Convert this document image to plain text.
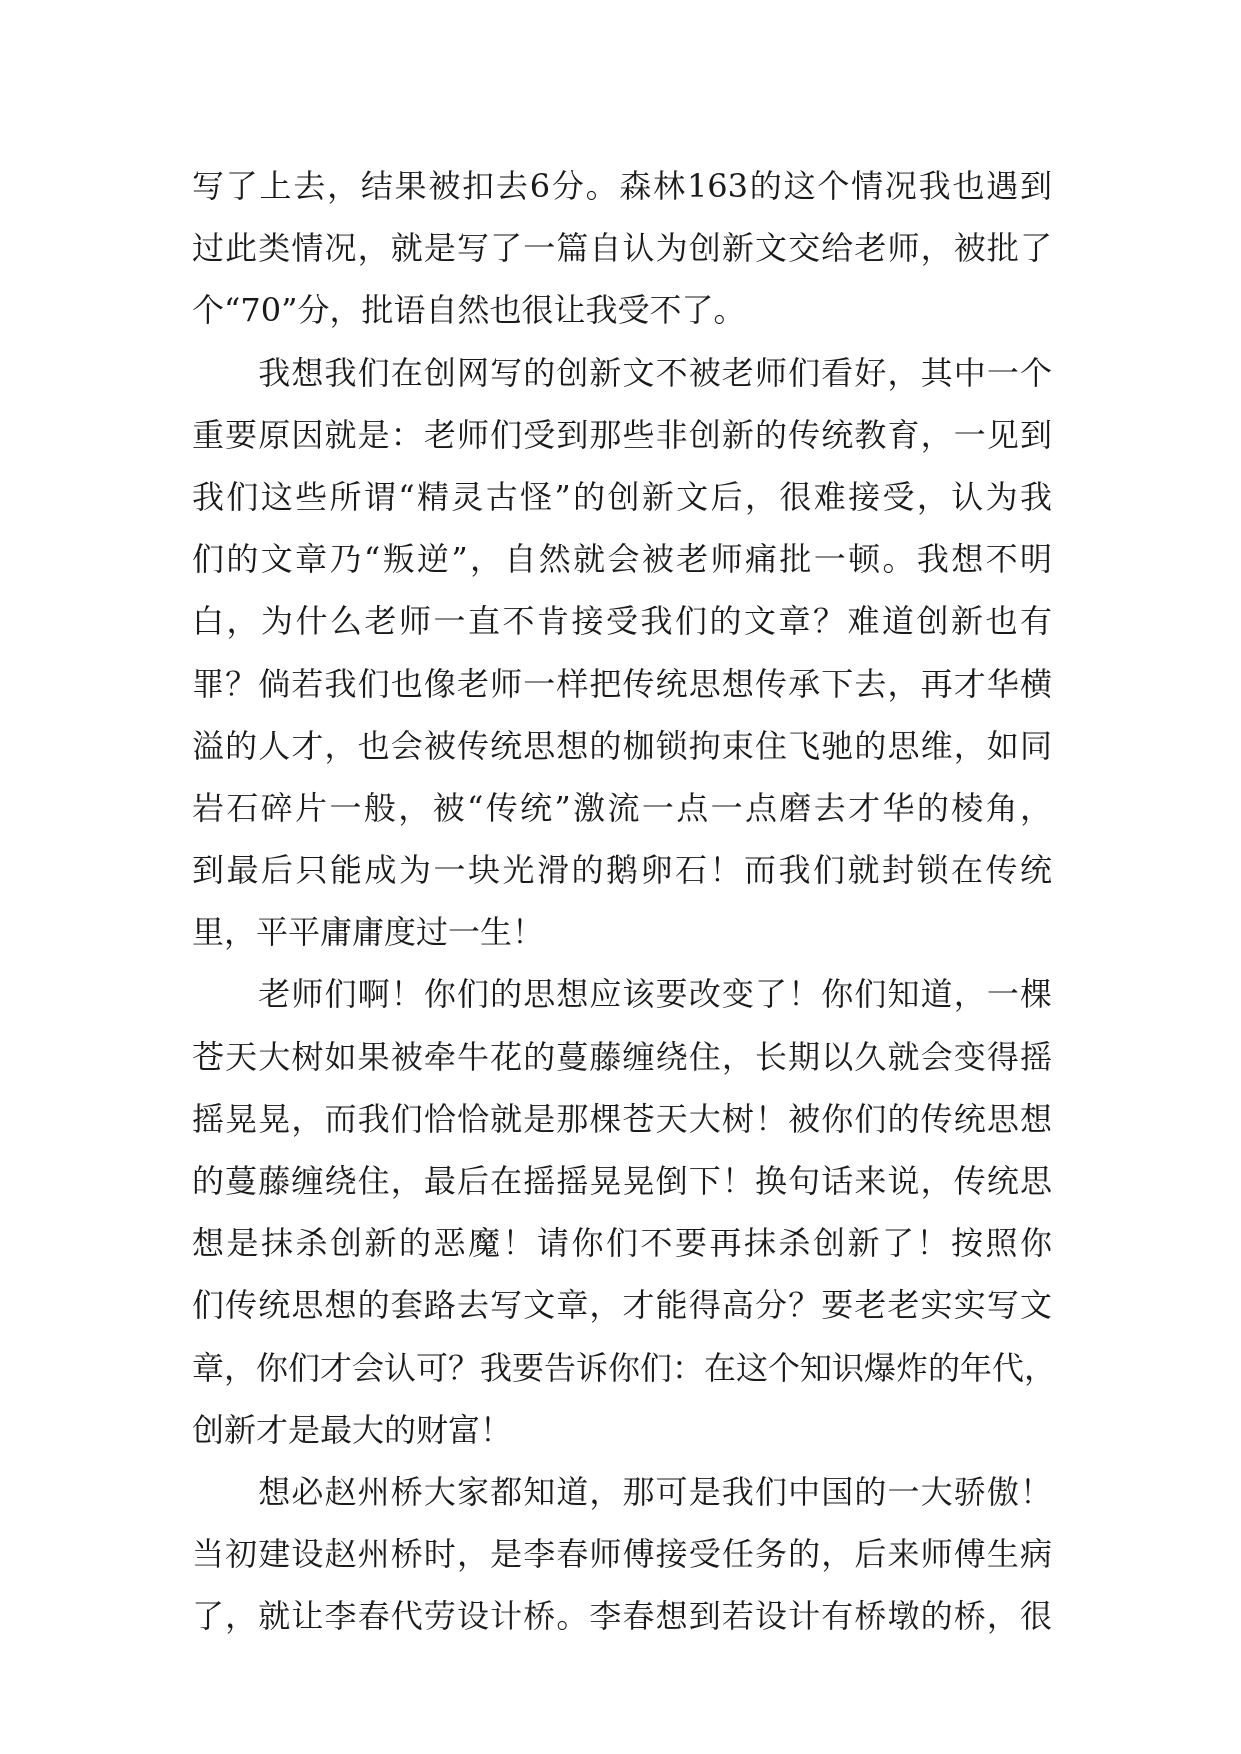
写了上去，结果被扣去6分。森林163的这个情况我也遇到
过此类情况，就是写了一篇自认为创新文交给老师，被批了
个“70”分，批语自然也很让我受不了。
　　我想我们在创网写的创新文不被老师们看好，其中一个
重要原因就是：老师们受到那些非创新的传统教育，一见到
我们这些所谓“精灵古怪”的创新文后，很难接受，认为我
们的文章乃“叛逆”，自然就会被老师痛批一顿。我想不明
白，为什么老师一直不肯接受我们的文章？难道创新也有
罪？倘若我们也像老师一样把传统思想传承下去，再才华横
溢的人才，也会被传统思想的枷锁拘束住飞驰的思维，如同
岩石碎片一般，被“传统”激流一点一点磨去才华的棱角，
到最后只能成为一块光滑的鹅卵石！而我们就封锁在传统
里，平平庸庸度过一生！
　　老师们啊！你们的思想应该要改变了！你们知道，一棵
苍天大树如果被牵牛花的蔓藤缠绕住，长期以久就会变得摇
摇晃晃，而我们恰恰就是那棵苍天大树！被你们的传统思想
的蔓藤缠绕住，最后在摇摇晃晃倒下！换句话来说，传统思
想是抹杀创新的恶魔！请你们不要再抹杀创新了！按照你
们传统思想的套路去写文章，才能得高分？要老老实实写文
章，你们才会认可？我要告诉你们：在这个知识爆炸的年代，
创新才是最大的财富！
　　想必赵州桥大家都知道，那可是我们中国的一大骄傲！
当初建设赵州桥时，是李春师傅接受任务的，后来师傅生病
了，就让李春代劳设计桥。李春想到若设计有桥墩的桥，很
